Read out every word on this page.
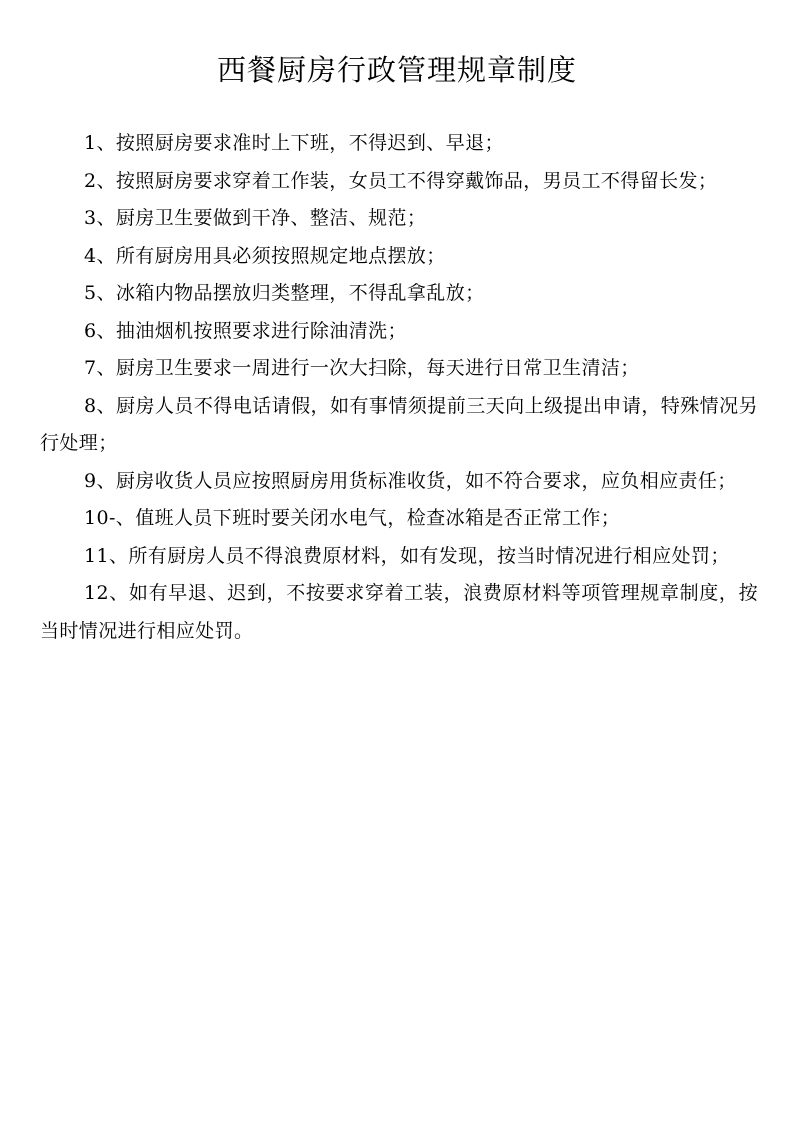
西餐厨房行政管理规章制度

1、按照厨房要求准时上下班，不得迟到、早退；

2、按照厨房要求穿着工作装，女员工不得穿戴饰品，男员工不得留长发；

3、厨房卫生要做到干净、整洁、规范；

4、所有厨房用具必须按照规定地点摆放；

5、冰箱内物品摆放归类整理，不得乱拿乱放；

6、抽油烟机按照要求进行除油清洗；

7、厨房卫生要求一周进行一次大扫除，每天进行日常卫生清洁；

8、厨房人员不得电话请假，如有事情须提前三天向上级提出申请，特殊情况另行处理；

9、厨房收货人员应按照厨房用货标准收货，如不符合要求，应负相应责任；

10-、值班人员下班时要关闭水电气，检查冰箱是否正常工作；

11、所有厨房人员不得浪费原材料，如有发现，按当时情况进行相应处罚；

12、如有早退、迟到，不按要求穿着工装，浪费原材料等项管理规章制度，按当时情况进行相应处罚。
